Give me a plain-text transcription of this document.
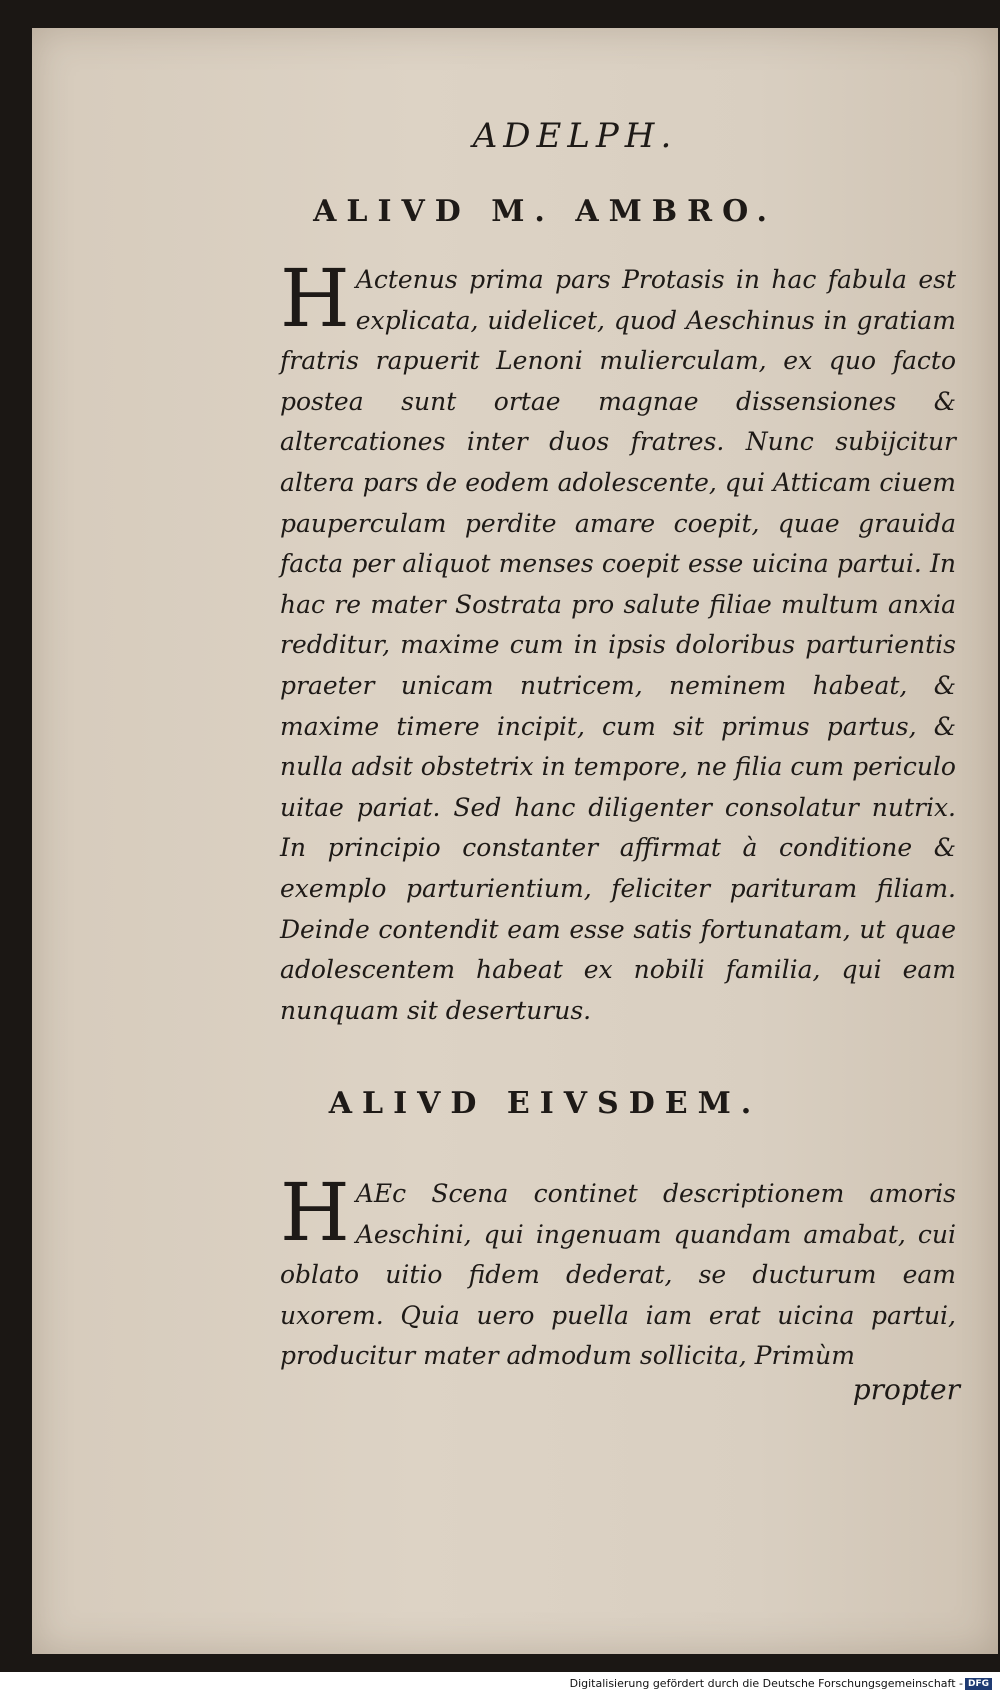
ADELPH.
ALIVD M. AMBRO.

H Actenus prima pars Protasis in hac fabula est explicata, uidelicet, quod Aeschinus in gratiam fratris rapuerit Lenoni mulierculam, ex quo facto postea sunt ortae magnae dissensiones & altercationes inter duos fratres. Nunc subijcitur altera pars de eodem adolescente, qui Atticam ciuem pauperculam perdite amare coepit, quae grauida facta per aliquot menses coepit esse uicina partui. In hac re mater Sostrata pro salute filiae multum anxia redditur, maxime cum in ipsis doloribus parturientis praeter unicam nutricem, neminem habeat, & maxime timere incipit, cum sit primus partus, & nulla adsit obstetrix in tempore, ne filia cum periculo uitae pariat. Sed hanc diligenter consolatur nutrix. In principio constanter affirmat à conditione & exemplo parturientium, feliciter parituram filiam. Deinde contendit eam esse satis fortunatam, ut quae adolescentem habeat ex nobili familia, qui eam nunquam sit deserturus.

ALIVD EIVSDEM.

H AEc Scena continet descriptionem amoris Aeschini, qui ingenuam quandam amabat, cui oblato uitio fidem dederat, se ducturum eam uxorem. Quia uero puella iam erat uicina partui, producitur mater admodum sollicita, Primùm

propter
Digitalisierung gefördert durch die Deutsche Forschungsgemeinschaft - DFG
